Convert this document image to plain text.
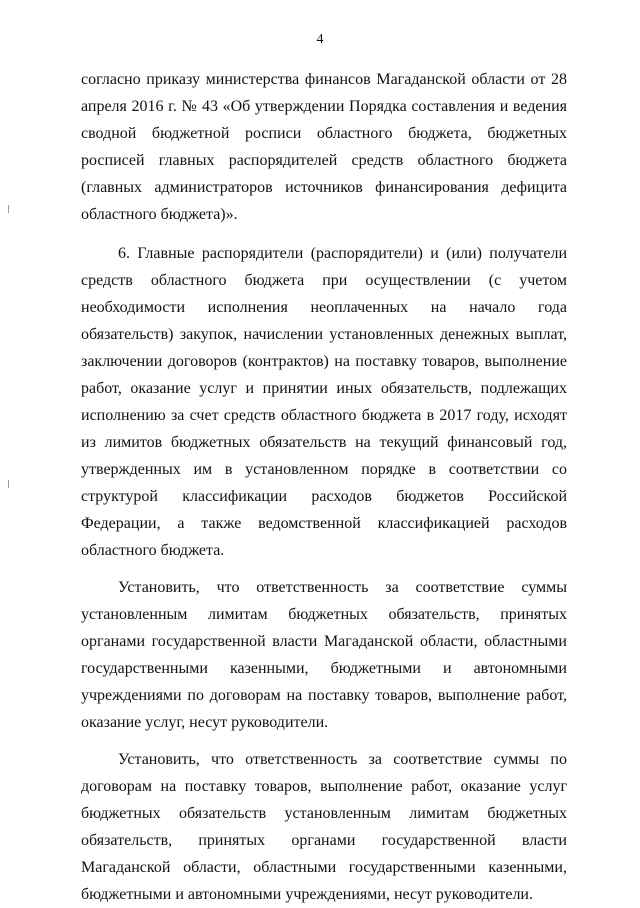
4

согласно приказу министерства финансов Магаданской области от 28 апреля 2016 г. № 43 «Об утверждении Порядка составления и ведения сводной бюджетной росписи областного бюджета, бюджетных росписей главных распорядителей средств областного бюджета (главных администраторов источников финансирования дефицита областного бюджета)».

6. Главные распорядители (распорядители) и (или) получатели средств областного бюджета при осуществлении (с учетом необходимости исполнения неоплаченных на начало года обязательств) закупок, начислении установленных денежных выплат, заключении договоров (контрактов) на поставку товаров, выполнение работ, оказание услуг и принятии иных обязательств, подлежащих исполнению за счет средств областного бюджета в 2017 году, исходят из лимитов бюджетных обязательств на текущий финансовый год, утвержденных им в установленном порядке в соответствии со структурой классификации расходов бюджетов Российской Федерации, а также ведомственной классификацией расходов областного бюджета.

Установить, что ответственность за соответствие суммы установленным лимитам бюджетных обязательств, принятых органами государственной власти Магаданской области, областными государственными казенными, бюджетными и автономными учреждениями по договорам на поставку товаров, выполнение работ, оказание услуг, несут руководители.

Установить, что ответственность за соответствие суммы по договорам на поставку товаров, выполнение работ, оказание услуг бюджетных обязательств установленным лимитам бюджетных обязательств, принятых органами государственной власти Магаданской области, областными государственными казенными, бюджетными и автономными учреждениями, несут руководители.
